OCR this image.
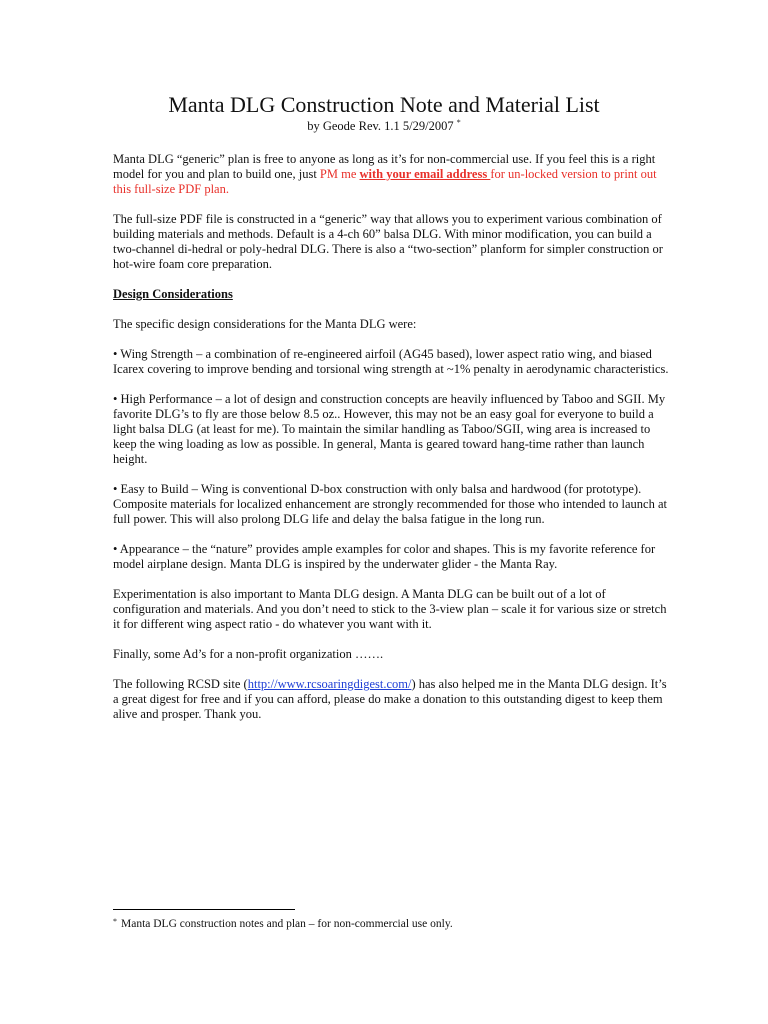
Manta DLG Construction Note and Material List
by Geode Rev. 1.1 5/29/2007 *

Manta DLG “generic” plan is free to anyone as long as it’s for non-commercial use. If you feel this is a right model for you and plan to build one, just PM me with your email address for un-locked version to print out this full-size PDF plan.

The full-size PDF file is constructed in a “generic” way that allows you to experiment various combination of building materials and methods. Default is a 4-ch 60” balsa DLG. With minor modification, you can build a two-channel di-hedral or poly-hedral DLG. There is also a “two-section” planform for simpler construction or hot-wire foam core preparation.

Design Considerations

The specific design considerations for the Manta DLG were:

• Wing Strength – a combination of re-engineered airfoil (AG45 based), lower aspect ratio wing, and biased Icarex covering to improve bending and torsional wing strength at ~1% penalty in aerodynamic characteristics.

• High Performance – a lot of design and construction concepts are heavily influenced by Taboo and SGII. My favorite DLG’s to fly are those below 8.5 oz.. However, this may not be an easy goal for everyone to build a light balsa DLG (at least for me). To maintain the similar handling as Taboo/SGII, wing area is increased to keep the wing loading as low as possible. In general, Manta is geared toward hang-time rather than launch height.

• Easy to Build – Wing is conventional D-box construction with only balsa and hardwood (for prototype). Composite materials for localized enhancement are strongly recommended for those who intended to launch at full power. This will also prolong DLG life and delay the balsa fatigue in the long run.

• Appearance – the “nature” provides ample examples for color and shapes. This is my favorite reference for model airplane design. Manta DLG is inspired by the underwater glider - the Manta Ray.

Experimentation is also important to Manta DLG design. A Manta DLG can be built out of a lot of configuration and materials. And you don’t need to stick to the 3-view plan – scale it for various size or stretch it for different wing aspect ratio - do whatever you want with it.

Finally, some Ad’s for a non-profit organization …….

The following RCSD site (http://www.rcsoaringdigest.com/) has also helped me in the Manta DLG design. It’s a great digest for free and if you can afford, please do make a donation to this outstanding digest to keep them alive and prosper. Thank you.

* Manta DLG construction notes and plan – for non-commercial use only.
